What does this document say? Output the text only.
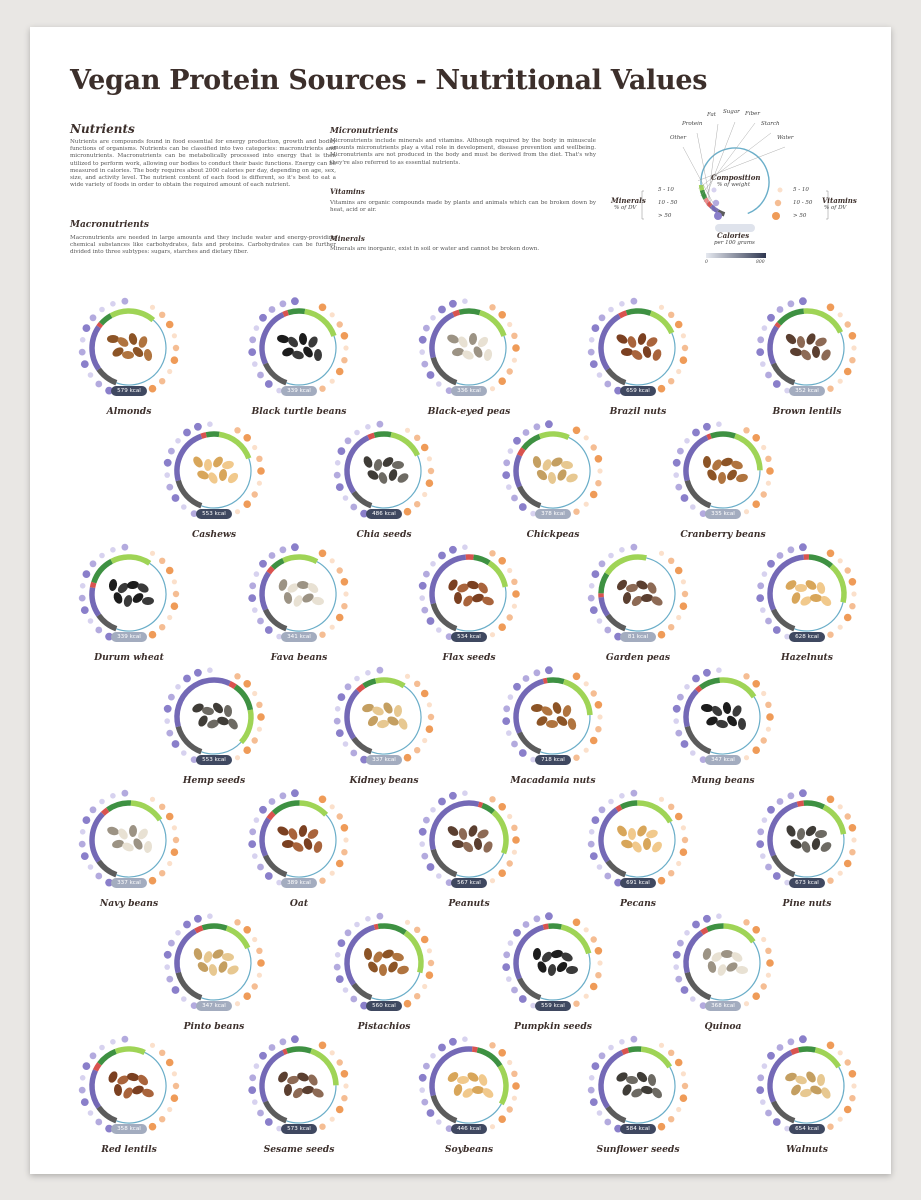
Vegan Protein Sources - Nutritional Values
Nutrients
Nutrients are compounds found in food essential for energy production, growth and bodily functions of organisms. Nutrients can be classified into two categories: macronutrients and micronutrients. Macronutrients can be metabolically processed into energy that is then utilized to perform work, allowing our bodies to conduct their basic functions. Energy can be measured in calories. The body requires about 2000 calories per day, depending on age, sex, size, and activity level. The nutrient content of each food is different, so it's best to eat a wide variety of foods in order to obtain the required amount of each nutrient.
Macronutrients
Macronutrients are needed in large amounts and they include water and energy-providing chemical substances like carbohydrates, fats and proteins. Carbohydrates can be further divided into three subtypes: sugars, starches and dietary fiber.
Micronutrients
Micronutrients include minerals and vitamins. Although required by the body in minuscule amounts micronutrients play a vital role in development, disease prevention and wellbeing. Micronutrients are not produced in the body and must be derived from the diet. That's why they're also referred to as essential nutrients.
Vitamins
Vitamins are organic compounds made by plants and animals which can be broken down by heat, acid or air.
Minerals
Minerals are inorganic, exist in soil or water and cannot be broken down.
Other
Protein
Fat Sugar Fiber
Starch
Water
Composition
% of weight
Minerals
% of DV
Vitamins
% of DV
5 - 10
10 - 50
> 50
5 - 10
10 - 50
> 50
Calories
per 100 grams
0	800
579 kcal
Almonds
339 kcal
Black turtle beans
336 kcal
Black-eyed peas
659 kcal
Brazil nuts
352 kcal
Brown lentils
553 kcal
Cashews
486 kcal
Chia seeds
378 kcal
Chickpeas
335 kcal
Cranberry beans
339 kcal
Durum wheat
341 kcal
Fava beans
534 kcal
Flax seeds
81 kcal
Garden peas
628 kcal
Hazelnuts
553 kcal
Hemp seeds
337 kcal
Kidney beans
718 kcal
Macadamia nuts
347 kcal
Mung beans
337 kcal
Navy beans
389 kcal
Oat
567 kcal
Peanuts
691 kcal
Pecans
673 kcal
Pine nuts
347 kcal
Pinto beans
560 kcal
Pistachios
559 kcal
Pumpkin seeds
368 kcal
Quinoa
358 kcal
Red lentils
573 kcal
Sesame seeds
446 kcal
Soybeans
584 kcal
Sunflower seeds
654 kcal
Walnuts
